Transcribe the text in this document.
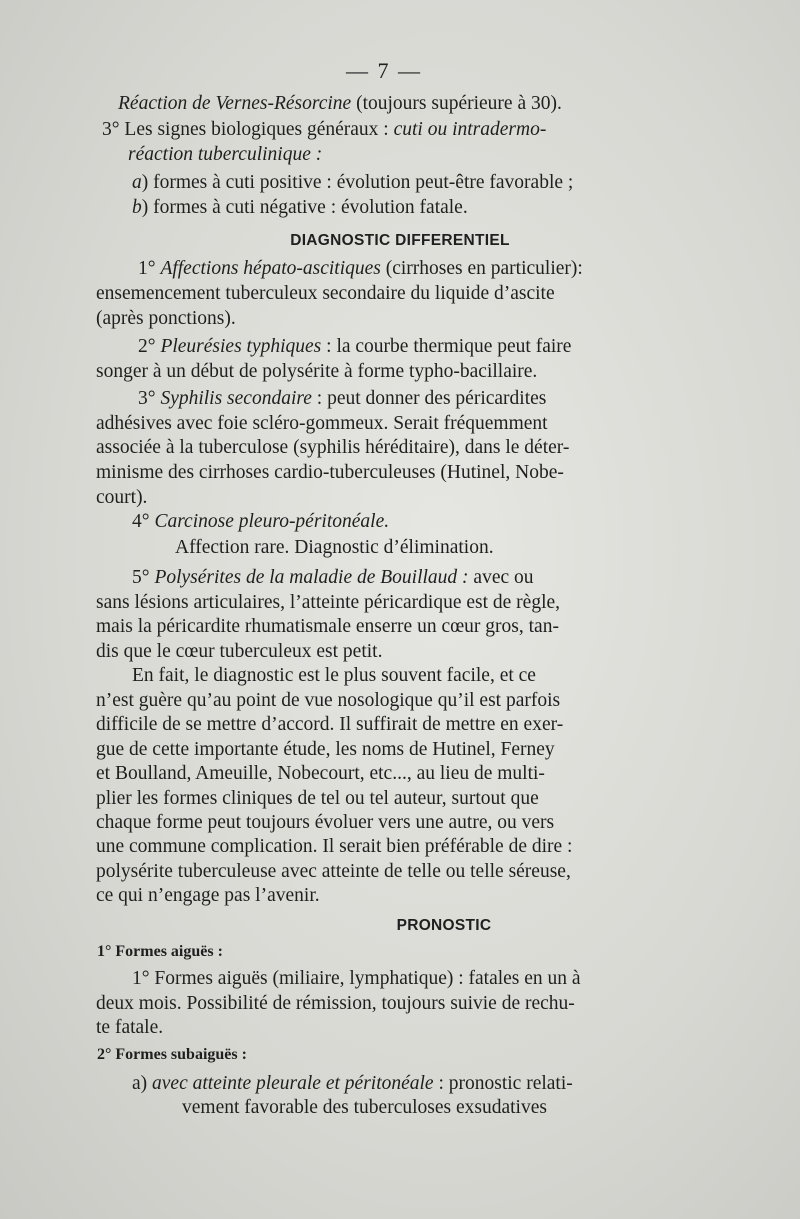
— 7 —
Réaction de Vernes-Résorcine (toujours supérieure à 30).
3° Les signes biologiques généraux : cuti ou intradermo-
réaction tuberculinique :
a) formes à cuti positive : évolution peut-être favorable ;
b) formes à cuti négative : évolution fatale.
1° Affections hépato-ascitiques (cirrhoses en particulier):
ensemencement tuberculeux secondaire du liquide d’ascite
(après ponctions).
2° Pleurésies typhiques : la courbe thermique peut faire
songer à un début de polysérite à forme typho-bacillaire.
3° Syphilis secondaire : peut donner des péricardites
adhésives avec foie scléro-gommeux. Serait fréquemment
associée à la tuberculose (syphilis héréditaire), dans le déter-
minisme des cirrhoses cardio-tuberculeuses (Hutinel, Nobe-
court).
4° Carcinose pleuro-péritonéale.
Affection rare. Diagnostic d’élimination.
5° Polysérites de la maladie de Bouillaud : avec ou
sans lésions articulaires, l’atteinte péricardique est de règle,
mais la péricardite rhumatismale enserre un cœur gros, tan-
dis que le cœur tuberculeux est petit.
En fait, le diagnostic est le plus souvent facile, et ce
n’est guère qu’au point de vue nosologique qu’il est parfois
difficile de se mettre d’accord. Il suffirait de mettre en exer-
gue de cette importante étude, les noms de Hutinel, Ferney
et Boulland, Ameuille, Nobecourt, etc..., au lieu de multi-
plier les formes cliniques de tel ou tel auteur, surtout que
chaque forme peut toujours évoluer vers une autre, ou vers
une commune complication. Il serait bien préférable de dire :
polysérite tuberculeuse avec atteinte de telle ou telle séreuse,
ce qui n’engage pas l’avenir.
1° Formes aiguës (miliaire, lymphatique) : fatales en un à
deux mois. Possibilité de rémission, toujours suivie de rechu-
te fatale.
a) avec atteinte pleurale et péritonéale : pronostic relati-
vement favorable des tuberculoses exsudatives
DIAGNOSTIC DIFFERENTIEL
PRONOSTIC
1° Formes aiguës :
2° Formes subaiguës :
